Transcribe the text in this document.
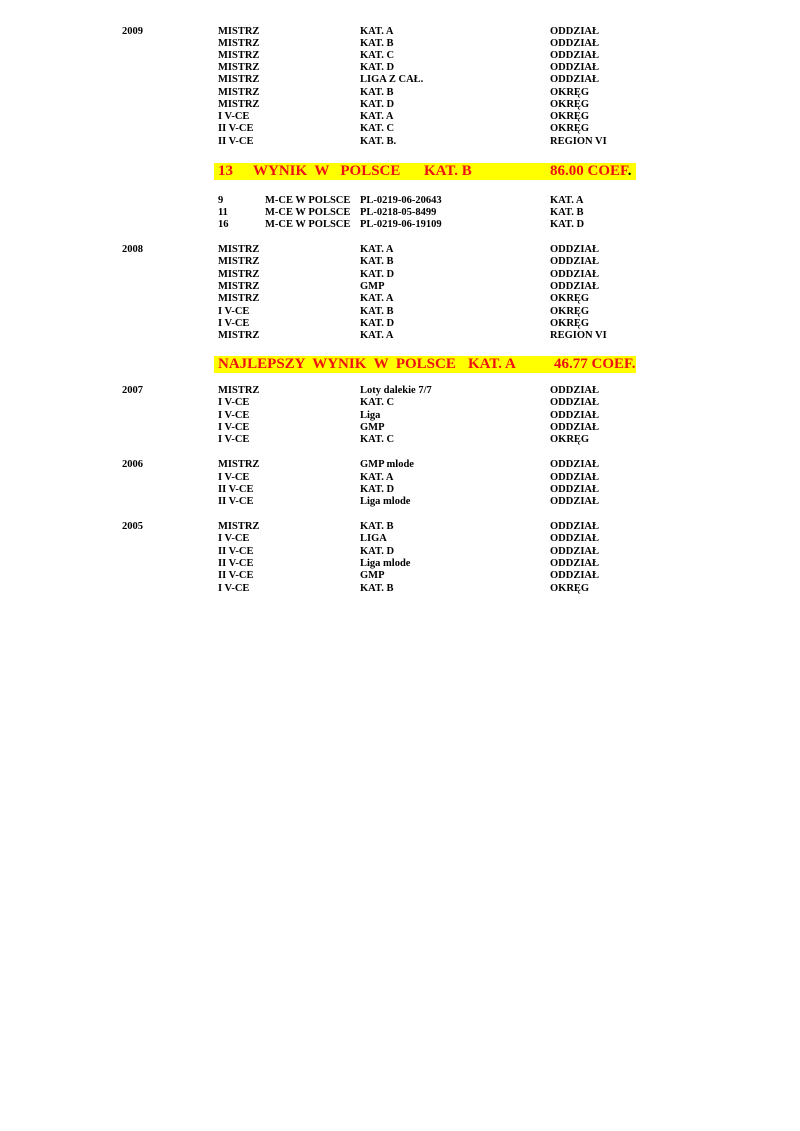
2009	MISTRZ	KAT. A	ODDZIAŁ
MISTRZ	KAT. B	ODDZIAŁ
MISTRZ	KAT. C	ODDZIAŁ
MISTRZ	KAT. D	ODDZIAŁ
MISTRZ	LIGA Z CAŁ.	ODDZIAŁ
MISTRZ	KAT. B	OKRĘG
MISTRZ	KAT. D	OKRĘG
I V-CE	KAT. A	OKRĘG
II V-CE	KAT. C	OKRĘG
II V-CE	KAT. B.	REGION VI
13 WYNIK  W   POLSCE KAT. B	86.00 COEF.
9	M-CE W POLSCE PL-0219-06-20643	KAT. A
11	M-CE W POLSCE PL-0218-05-8499	KAT. B
16	M-CE W POLSCE PL-0219-06-19109	KAT. D
2008	MISTRZ	KAT. A	ODDZIAŁ
MISTRZ	KAT. B	ODDZIAŁ
MISTRZ	KAT. D	ODDZIAŁ
MISTRZ	GMP	ODDZIAŁ
MISTRZ	KAT. A	OKRĘG
I V-CE	KAT. B	OKRĘG
I V-CE	KAT. D	OKRĘG
MISTRZ	KAT. A	REGION VI
NAJLEPSZY  WYNIK  W  POLSCE KAT. A	46.77 COEF.
2007	MISTRZ	Loty dalekie 7/7	ODDZIAŁ
I V-CE	KAT. C	ODDZIAŁ
I V-CE	Liga	ODDZIAŁ
I V-CE	GMP	ODDZIAŁ
I V-CE	KAT. C	OKRĘG
2006	MISTRZ	GMP mlode	ODDZIAŁ
I V-CE	KAT. A	ODDZIAŁ
II V-CE	KAT. D	ODDZIAŁ
II V-CE	Liga mlode	ODDZIAŁ
2005	MISTRZ	KAT. B	ODDZIAŁ
I V-CE	LIGA	ODDZIAŁ
II V-CE	KAT. D	ODDZIAŁ
II V-CE	Liga mlode	ODDZIAŁ
II V-CE	GMP	ODDZIAŁ
I V-CE	KAT. B	OKRĘG
